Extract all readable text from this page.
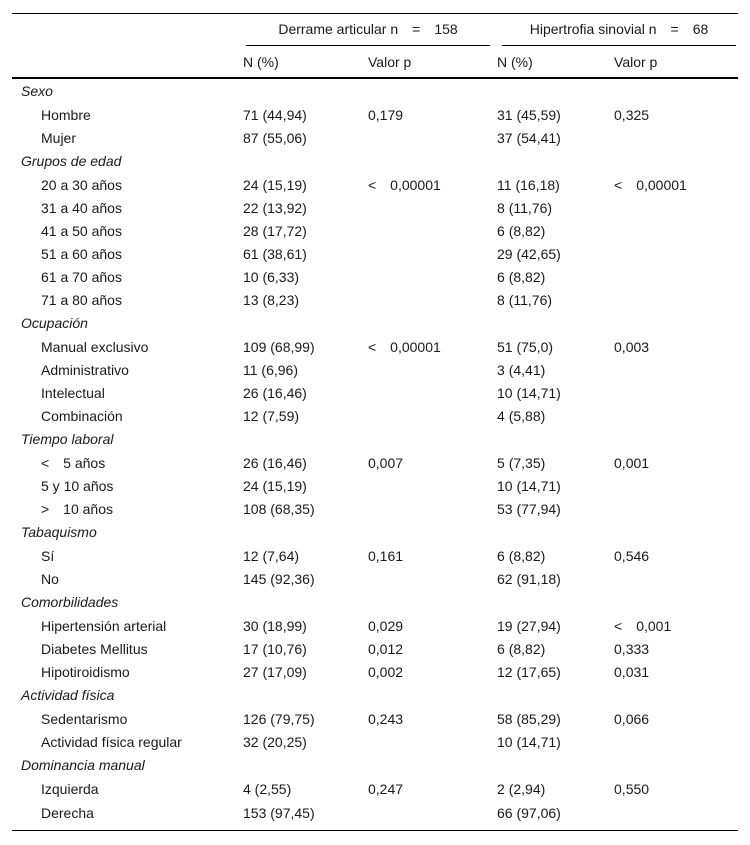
	Derrame articular n = 158		Hipertrofia sinovial n = 68	

	N (%)	Valor p	N (%)	Valor p
Sexo				
Hombre	71 (44,94)	0,179	31 (45,59)	0,325
Mujer	87 (55,06)		37 (54,41)	
Grupos de edad				
20 a 30 años	24 (15,19)	< 0,00001	11 (16,18)	< 0,00001
31 a 40 años	22 (13,92)		8 (11,76)	
41 a 50 años	28 (17,72)		6 (8,82)	
51 a 60 años	61 (38,61)		29 (42,65)	
61 a 70 años	10 (6,33)		6 (8,82)	
71 a 80 años	13 (8,23)		8 (11,76)	
Ocupación				
Manual exclusivo	109 (68,99)	< 0,00001	51 (75,0)	0,003
Administrativo	11 (6,96)		3 (4,41)	
Intelectual	26 (16,46)		10 (14,71)	
Combinación	12 (7,59)		4 (5,88)	
Tiempo laboral				
< 5 años	26 (16,46)	0,007	5 (7,35)	0,001
5 y 10 años	24 (15,19)		10 (14,71)	
> 10 años	108 (68,35)		53 (77,94)	
Tabaquismo				
Sí	12 (7,64)	0,161	6 (8,82)	0,546
No	145 (92,36)		62 (91,18)	
Comorbilidades				
Hipertensión arterial	30 (18,99)	0,029	19 (27,94)	< 0,001
Diabetes Mellitus	17 (10,76)	0,012	6 (8,82)	0,333
Hipotiroidismo	27 (17,09)	0,002	12 (17,65)	0,031
Actividad física				
Sedentarismo	126 (79,75)	0,243	58 (85,29)	0,066
Actividad física regular	32 (20,25)		10 (14,71)	
Dominancia manual				
Izquierda	4 (2,55)	0,247	2 (2,94)	0,550
Derecha	153 (97,45)		66 (97,06)	
